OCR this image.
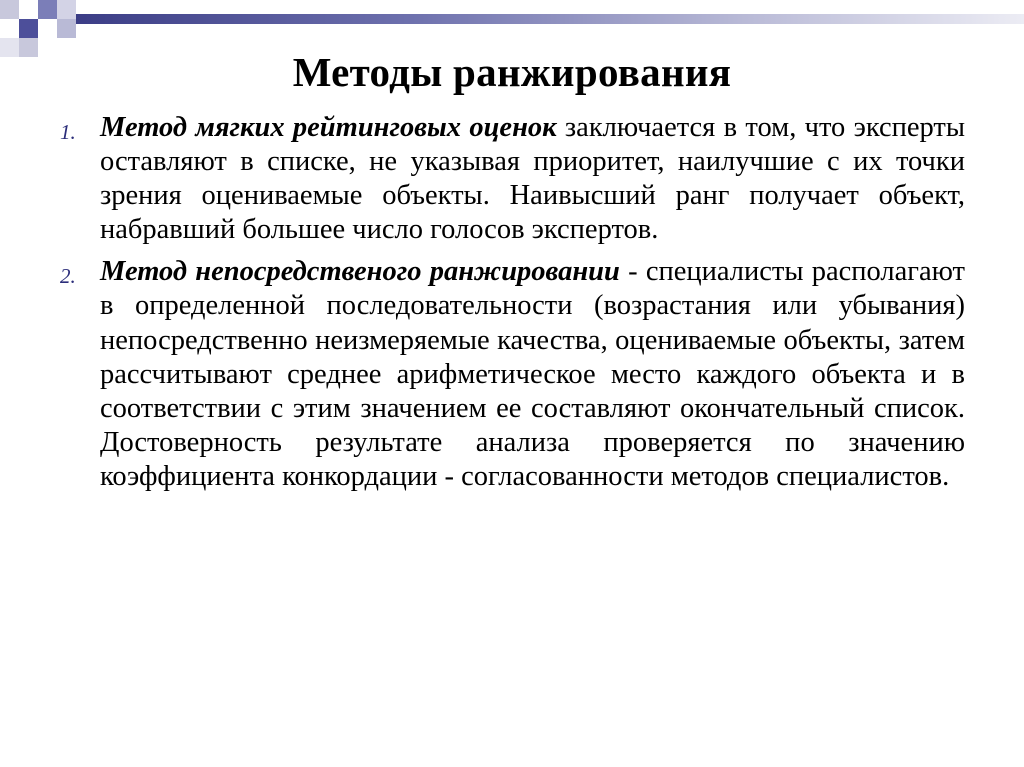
Методы ранжирования
1. Метод мягких рейтинговых оценок заключается в том, что эксперты оставляют в списке, не указывая приоритет, наилучшие с их точки зрения оцениваемые объекты. Наивысший ранг получает объект, набравший большее число голосов экспертов.
2. Метод непосредственого ранжировании - специалисты располагают в определенной последовательности (возрастания или убывания) непосредственно неизмеряемые качества, оцениваемые объекты, затем рассчитывают среднее арифметическое место каждого объекта и в соответствии с этим значением ее составляют окончательный список. Достоверность результате анализа проверяется по значению коэффициента конкордации - согласованности методов специалистов.
